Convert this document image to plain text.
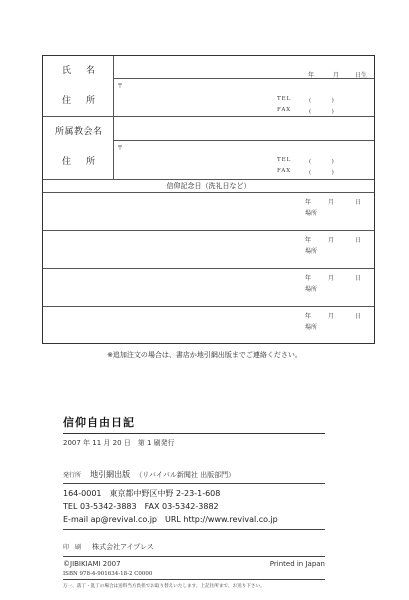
氏　名	年	月	日生
〒
住　所	TEL	(　　　)
FAX	(　　　)
所属教会名
〒
住　所	TEL	(　　　)
FAX	(　　　)
信仰記念日（洗礼日など）
年	月	日
場所
年	月	日
場所
年	月	日
場所
年	月	日
場所
※追加注文の場合は、書店か地引網出版までご連絡ください。
信仰自由日記
2007 年 11 月 20 日　第 1 刷発行
発行所 地引網出版 （リバイバル新聞社 出版部門）
164-0001　東京都中野区中野 2-23-1-608
TEL 03-5342-3883　FAX 03-5342-3882
E-mail ap@revival.co.jp　URL http://www.revival.co.jp
印　刷 株式会社アイプレス
©JIBIKIAMI 2007	Printed in Japan
ISBN 978-4-901634-18-2 C0000
万一、落丁・乱丁の場合は送料当方負担でお取り替えいたします。上記住所まで、お送り下さい。
